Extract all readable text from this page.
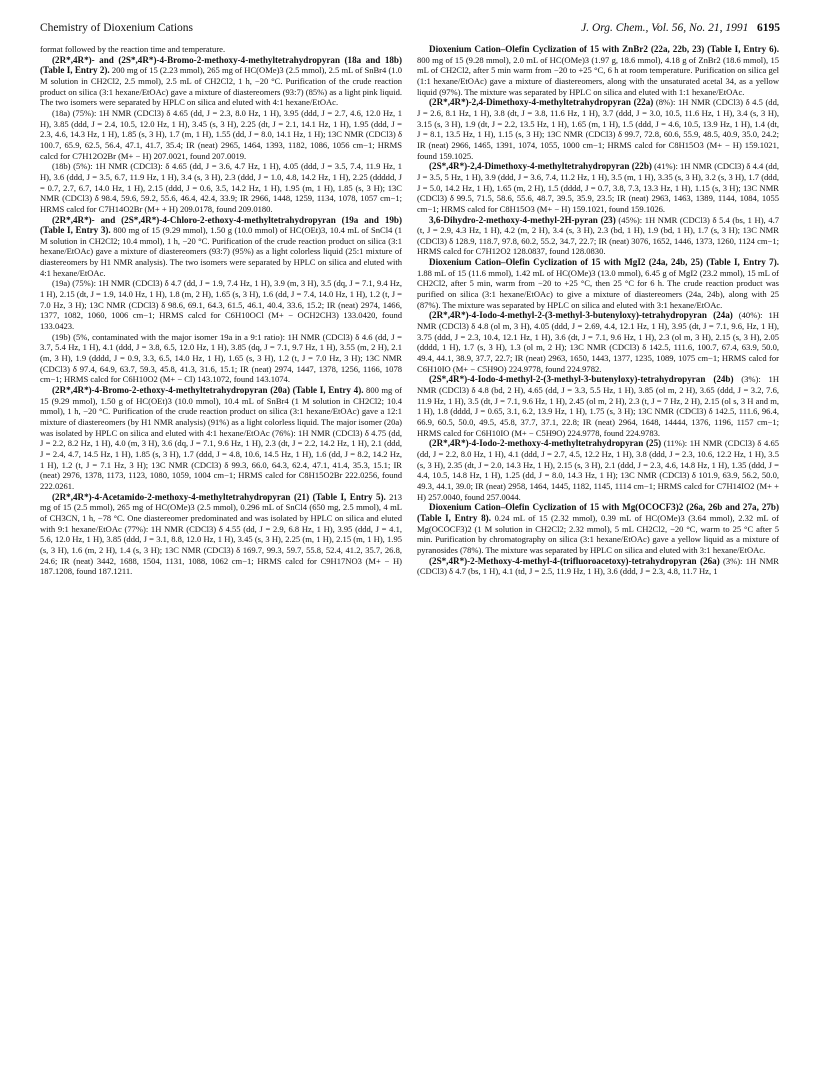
Chemistry of Dioxenium Cations	J. Org. Chem., Vol. 56, No. 21, 1991 6195

format followed by the reaction time and temperature.

(2R*,4R*)- and (2S*,4R*)-4-Bromo-2-methoxy-4-methyltetrahydropyran (18a and 18b) (Table I, Entry 2). 200 mg of 15 (2.23 mmol), 265 mg of HC(OMe)3 (2.5 mmol), 2.5 mL of SnBr4 (1.0 M solution in CH2Cl2, 2.5 mmol), 2.5 mL of CH2Cl2, 1 h, −20 °C. Purification of the crude reaction product on silica (3:1 hexane/EtOAc) gave a mixture of diastereomers (93:7) (85%) as a light pink liquid. The two isomers were separated by HPLC on silica and eluted with 4:1 hexane/EtOAc.

(18a) (75%): 1H NMR (CDCl3) δ 4.65 (dd, J = 2.3, 8.0 Hz, 1 H), 3.95 (ddd, J = 2.7, 4.6, 12.0 Hz, 1 H), 3.85 (ddd, J = 2.4, 10.5, 12.0 Hz, 1 H), 3.45 (s, 3 H), 2.25 (dt, J = 2.1, 14.1 Hz, 1 H), 1.95 (ddd, J = 2.3, 4.6, 14.3 Hz, 1 H), 1.85 (s, 3 H), 1.7 (m, 1 H), 1.55 (dd, J = 8.0, 14.1 Hz, 1 H); 13C NMR (CDCl3) δ 100.7, 65.9, 62.5, 56.4, 47.1, 41.7, 35.4; IR (neat) 2965, 1464, 1393, 1182, 1086, 1056 cm−1; HRMS calcd for C7H12O2Br (M+ − H) 207.0021, found 207.0019.

(18b) (5%): 1H NMR (CDCl3): δ 4.65 (dd, J = 3.6, 4.7 Hz, 1 H), 4.05 (ddd, J = 3.5, 7.4, 11.9 Hz, 1 H), 3.6 (ddd, J = 3.5, 6.7, 11.9 Hz, 1 H), 3.4 (s, 3 H), 2.3 (ddd, J = 1.0, 4.8, 14.2 Hz, 1 H), 2.25 (ddddd, J = 0.7, 2.7, 6.7, 14.0 Hz, 1 H), 2.15 (ddd, J = 0.6, 3.5, 14.2 Hz, 1 H), 1.95 (m, 1 H), 1.85 (s, 3 H); 13C NMR (CDCl3) δ 98.4, 59.6, 59.2, 55.6, 46.4, 42.4, 33.9; IR 2966, 1448, 1259, 1134, 1078, 1057 cm−1; HRMS calcd for C7H14O2Br (M+ + H) 209.0178, found 209.0180.

(2R*,4R*)- and (2S*,4R*)-4-Chloro-2-ethoxy-4-methyltetrahydropyran (19a and 19b) (Table I, Entry 3). 800 mg of 15 (9.29 mmol), 1.50 g (10.0 mmol) of HC(OEt)3, 10.4 mL of SnCl4 (1 M solution in CH2Cl2; 10.4 mmol), 1 h, −20 °C. Purification of the crude reaction product on silica (3:1 hexane/EtOAc) gave a mixture of diastereomers (93:7) (95%) as a light colorless liquid (25:1 mixture of diastereomers by H1 NMR analysis). The two isomers were separated by HPLC on silica and eluted with 4:1 hexane/EtOAc.

(19a) (75%): 1H NMR (CDCl3) δ 4.7 (dd, J = 1.9, 7.4 Hz, 1 H), 3.9 (m, 3 H), 3.5 (dq, J = 7.1, 9.4 Hz, 1 H), 2.15 (dt, J = 1.9, 14.0 Hz, 1 H), 1.8 (m, 2 H), 1.65 (s, 3 H), 1.6 (dd, J = 7.4, 14.0 Hz, 1 H), 1.2 (t, J = 7.0 Hz, 3 H); 13C NMR (CDCl3) δ 98.6, 69.1, 64.3, 61.5, 46.1, 40.4, 33.6, 15.2; IR (neat) 2974, 1466, 1377, 1082, 1060, 1006 cm−1; HRMS calcd for C6H10OCl (M+ − OCH2CH3) 133.0420, found 133.0423.

(19b) (5%, contaminated with the major isomer 19a in a 9:1 ratio): 1H NMR (CDCl3) δ 4.6 (dd, J = 3.7, 5.4 Hz, 1 H), 4.1 (ddd, J = 3.8, 6.5, 12.0 Hz, 1 H), 3.85 (dq, J = 7.1, 9.7 Hz, 1 H), 3.55 (m, 2 H), 2.1 (m, 3 H), 1.9 (dddd, J = 0.9, 3.3, 6.5, 14.0 Hz, 1 H), 1.65 (s, 3 H), 1.2 (t, J = 7.0 Hz, 3 H); 13C NMR (CDCl3) δ 97.4, 64.9, 63.7, 59.3, 45.8, 41.3, 31.6, 15.1; IR (neat) 2974, 1447, 1378, 1256, 1166, 1078 cm−1; HRMS calcd for C6H10O2 (M+ − Cl) 143.1072, found 143.1074.

(2R*,4R*)-4-Bromo-2-ethoxy-4-methyltetrahydropyran (20a) (Table I, Entry 4). 800 mg of 15 (9.29 mmol), 1.50 g of HC(OEt)3 (10.0 mmol), 10.4 mL of SnBr4 (1 M solution in CH2Cl2; 10.4 mmol), 1 h, −20 °C. Purification of the crude reaction product on silica (3:1 hexane/EtOAc) gave a 12:1 mixture of diastereomers (by H1 NMR analysis) (91%) as a light colorless liquid. The major isomer (20a) was isolated by HPLC on silica and eluted with 4:1 hexane/EtOAc (76%): 1H NMR (CDCl3) δ 4.75 (dd, J = 2.2, 8.2 Hz, 1 H), 4.0 (m, 3 H), 3.6 (dq, J = 7.1, 9.6 Hz, 1 H), 2.3 (dt, J = 2.2, 14.2 Hz, 1 H), 2.1 (ddd, J = 2.4, 4.7, 14.5 Hz, 1 H), 1.85 (s, 3 H), 1.7 (ddd, J = 4.8, 10.6, 14.5 Hz, 1 H), 1.6 (dd, J = 8.2, 14.2 Hz, 1 H), 1.2 (t, J = 7.1 Hz, 3 H); 13C NMR (CDCl3) δ 99.3, 66.0, 64.3, 62.4, 47.1, 41.4, 35.3, 15.1; IR (neat) 2976, 1378, 1173, 1123, 1080, 1059, 1004 cm−1; HRMS calcd for C8H15O2Br 222.0256, found 222.0261.

(2R*,4R*)-4-Acetamido-2-methoxy-4-methyltetrahydropyran (21) (Table I, Entry 5). 213 mg of 15 (2.5 mmol), 265 mg of HC(OMe)3 (2.5 mmol), 0.296 mL of SnCl4 (650 mg, 2.5 mmol), 4 mL of CH3CN, 1 h, −78 °C. One diastereomer predominated and was isolated by HPLC on silica and eluted with 9:1 hexane/EtOAc (77%): 1H NMR (CDCl3) δ 4.55 (dd, J = 2.9, 6.8 Hz, 1 H), 3.95 (ddd, J = 4.1, 5.6, 12.0 Hz, 1 H), 3.85 (ddd, J = 3.1, 8.8, 12.0 Hz, 1 H), 3.45 (s, 3 H), 2.25 (m, 1 H), 2.15 (m, 1 H), 1.95 (s, 3 H), 1.6 (m, 2 H), 1.4 (s, 3 H); 13C NMR (CDCl3) δ 169.7, 99.3, 59.7, 55.8, 52.4, 41.2, 35.7, 26.8, 24.6; IR (neat) 3442, 1688, 1504, 1131, 1088, 1062 cm−1; HRMS calcd for C9H17NO3 (M+ − H) 187.1208, found 187.1211.

Dioxenium Cation–Olefin Cyclization of 15 with ZnBr2 (22a, 22b, 23) (Table I, Entry 6). 800 mg of 15 (9.28 mmol), 2.0 mL of HC(OMe)3 (1.97 g, 18.6 mmol), 4.18 g of ZnBr2 (18.6 mmol), 15 mL of CH2Cl2, after 5 min warm from −20 to +25 °C, 6 h at room temperature. Purification on silica gel (1:1 hexane/EtOAc) gave a mixture of diastereomers, along with the unsaturated acetal 34, as a yellow liquid (97%). The mixture was separated by HPLC on silica and eluted with 1:1 hexane/EtOAc.

(2R*,4R*)-2,4-Dimethoxy-4-methyltetrahydropyran (22a) (8%): 1H NMR (CDCl3) δ 4.5 (dd, J = 2.6, 8.1 Hz, 1 H), 3.8 (dt, J = 3.8, 11.6 Hz, 1 H), 3.7 (ddd, J = 3.0, 10.5, 11.6 Hz, 1 H), 3.4 (s, 3 H), 3.15 (s, 3 H), 1.9 (dt, J = 2.2, 13.5 Hz, 1 H), 1.65 (m, 1 H), 1.5 (ddd, J = 4.6, 10.5, 13.9 Hz, 1 H), 1.4 (dt, J = 8.1, 13.5 Hz, 1 H), 1.15 (s, 3 H); 13C NMR (CDCl3) δ 99.7, 72.8, 60.6, 55.9, 48.5, 40.9, 35.0, 24.2; IR (neat) 2966, 1465, 1391, 1074, 1055, 1000 cm−1; HRMS calcd for C8H15O3 (M+ − H) 159.1021, found 159.1025.

(2S*,4R*)-2,4-Dimethoxy-4-methyltetrahydropyran (22b) (41%): 1H NMR (CDCl3) δ 4.4 (dd, J = 3.5, 5 Hz, 1 H), 3.9 (ddd, J = 3.6, 7.4, 11.2 Hz, 1 H), 3.5 (m, 1 H), 3.35 (s, 3 H), 3.2 (s, 3 H), 1.7 (ddd, J = 5.0, 14.2 Hz, 1 H), 1.65 (m, 2 H), 1.5 (dddd, J = 0.7, 3.8, 7.3, 13.3 Hz, 1 H), 1.15 (s, 3 H); 13C NMR (CDCl3) δ 99.5, 71.5, 58.6, 55.6, 48.7, 39.5, 35.9, 23.5; IR (neat) 2963, 1463, 1389, 1144, 1084, 1055 cm−1; HRMS calcd for C8H15O3 (M+ − H) 159.1021, found 159.1026.

3,6-Dihydro-2-methoxy-4-methyl-2H-pyran (23) (45%): 1H NMR (CDCl3) δ 5.4 (bs, 1 H), 4.7 (t, J = 2.9, 4.3 Hz, 1 H), 4.2 (m, 2 H), 3.4 (s, 3 H), 2.3 (bd, 1 H), 1.9 (bd, 1 H), 1.7 (s, 3 H); 13C NMR (CDCl3) δ 128.9, 118.7, 97.8, 60.2, 55.2, 34.7, 22.7; IR (neat) 3076, 1652, 1446, 1373, 1260, 1124 cm−1; HRMS calcd for C7H12O2 128.0837, found 128.0830.

Dioxenium Cation–Olefin Cyclization of 15 with MgI2 (24a, 24b, 25) (Table I, Entry 7). 1.88 mL of 15 (11.6 mmol), 1.42 mL of HC(OMe)3 (13.0 mmol), 6.45 g of MgI2 (23.2 mmol), 15 mL of CH2Cl2, after 5 min, warm from −20 to +25 °C, then 25 °C for 6 h. The crude reaction product was purified on silica (3:1 hexane/EtOAc) to give a mixture of diastereomers (24a, 24b), along with 25 (87%). The mixture was separated by HPLC on silica and eluted with 3:1 hexane/EtOAc.

(2R*,4R*)-4-Iodo-4-methyl-2-(3-methyl-3-butenyloxy)-tetrahydropyran (24a) (40%): 1H NMR (CDCl3) δ 4.8 (ol m, 3 H), 4.05 (ddd, J = 2.69, 4.4, 12.1 Hz, 1 H), 3.95 (dt, J = 7.1, 9.6, Hz, 1 H), 3.75 (ddd, J = 2.3, 10.4, 12.1 Hz, 1 H), 3.6 (dt, J = 7.1, 9.6 Hz, 1 H), 2.3 (ol m, 3 H), 2.15 (s, 3 H), 2.05 (dddd, 1 H), 1.7 (s, 3 H), 1.3 (ol m, 2 H); 13C NMR (CDCl3) δ 142.5, 111.6, 100.7, 67.4, 63.9, 50.0, 49.4, 44.1, 38.9, 37.7, 22.7; IR (neat) 2963, 1650, 1443, 1377, 1235, 1089, 1075 cm−1; HRMS calcd for C6H10IO (M+ − C5H9O) 224.9778, found 224.9782.

(2S*,4R*)-4-Iodo-4-methyl-2-(3-methyl-3-butenyloxy)-tetrahydropyran (24b) (3%): 1H NMR (CDCl3) δ 4.8 (bd, 2 H), 4.65 (dd, J = 3.3, 5.5 Hz, 1 H), 3.85 (ol m, 2 H), 3.65 (ddd, J = 3.2, 7.6, 11.9 Hz, 1 H), 3.5 (dt, J = 7.1, 9.6 Hz, 1 H), 2.45 (ol m, 2 H), 2.3 (t, J = 7 Hz, 2 H), 2.15 (ol s, 3 H and m, 1 H), 1.8 (dddd, J = 0.65, 3.1, 6.2, 13.9 Hz, 1 H), 1.75 (s, 3 H); 13C NMR (CDCl3) δ 142.5, 111.6, 96.4, 66.9, 60.5, 50.0, 49.5, 45.8, 37.7, 37.1, 22.8; IR (neat) 2964, 1648, 14444, 1376, 1196, 1157 cm−1; HRMS calcd for C6H10IO (M+ − C5H9O) 224.9778, found 224.9783.

(2R*,4R*)-4-Iodo-2-methoxy-4-methyltetrahydropyran (25) (11%): 1H NMR (CDCl3) δ 4.65 (dd, J = 2.2, 8.0 Hz, 1 H), 4.1 (ddd, J = 2.7, 4.5, 12.2 Hz, 1 H), 3.8 (ddd, J = 2.3, 10.6, 12.2 Hz, 1 H), 3.5 (s, 3 H), 2.35 (dt, J = 2.0, 14.3 Hz, 1 H), 2.15 (s, 3 H), 2.1 (ddd, J = 2.3, 4.6, 14.8 Hz, 1 H), 1.35 (ddd, J = 4.4, 10.5, 14.8 Hz, 1 H), 1.25 (dd, J = 8.0, 14.3 Hz, 1 H); 13C NMR (CDCl3) δ 101.9, 63.9, 56.2, 50.0, 49.3, 44.1, 39.0; IR (neat) 2958, 1464, 1445, 1182, 1145, 1114 cm−1; HRMS calcd for C7H14IO2 (M+ + H) 257.0040, found 257.0044.

Dioxenium Cation–Olefin Cyclization of 15 with Mg(OCOCF3)2 (26a, 26b and 27a, 27b) (Table I, Entry 8). 0.24 mL of 15 (2.32 mmol), 0.39 mL of HC(OMe)3 (3.64 mmol), 2.32 mL of Mg(OCOCF3)2 (1 M solution in CH2Cl2; 2.32 mmol), 5 mL CH2Cl2, −20 °C, warm to 25 °C after 5 min. Purification by chromatography on silica (3:1 hexane/EtOAc) gave a yellow liquid as a mixture of pyranosides (78%). The mixture was separated by HPLC on silica and eluted with 3:1 hexane/EtOAc.

(2S*,4R*)-2-Methoxy-4-methyl-4-(trifluoroacetoxy)-tetrahydropyran (26a) (3%): 1H NMR (CDCl3) δ 4.7 (bs, 1 H), 4.1 (td, J = 2.5, 11.9 Hz, 1 H), 3.6 (ddd, J = 2.3, 4.8, 11.7 Hz, 1
